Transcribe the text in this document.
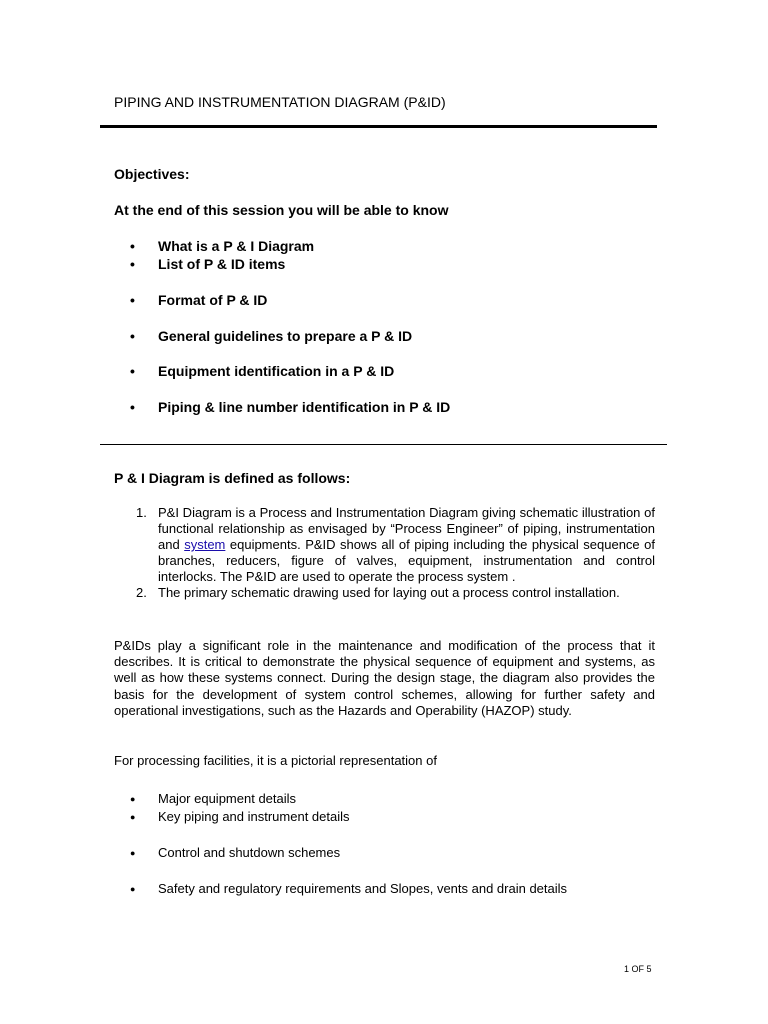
PIPING AND INSTRUMENTATION DIAGRAM (P&ID)
Objectives:
At the end of this session you will be able to know
• What is a P & I Diagram
• List of P & ID items
• Format of P & ID
• General guidelines to prepare a P & ID
• Equipment identification in a P & ID
• Piping & line number identification in P & ID
P & I Diagram is defined as follows:
1. P&I Diagram is a Process and Instrumentation Diagram giving schematic illustration of functional relationship as envisaged by “Process Engineer” of piping, instrumentation and system equipments. P&ID shows all of piping including the physical sequence of branches, reducers, figure of valves, equipment, instrumentation and control interlocks. The P&ID are used to operate the process system .
2. The primary schematic drawing used for laying out a process control installation.

P&IDs play a significant role in the maintenance and modification of the process that it describes. It is critical to demonstrate the physical sequence of equipment and systems, as well as how these systems connect. During the design stage, the diagram also provides the basis for the development of system control schemes, allowing for further safety and operational investigations, such as the Hazards and Operability (HAZOP) study.

For processing facilities, it is a pictorial representation of

● Major equipment details
● Key piping and instrument details
● Control and shutdown schemes
● Safety and regulatory requirements and Slopes, vents and drain details
1 OF 5
